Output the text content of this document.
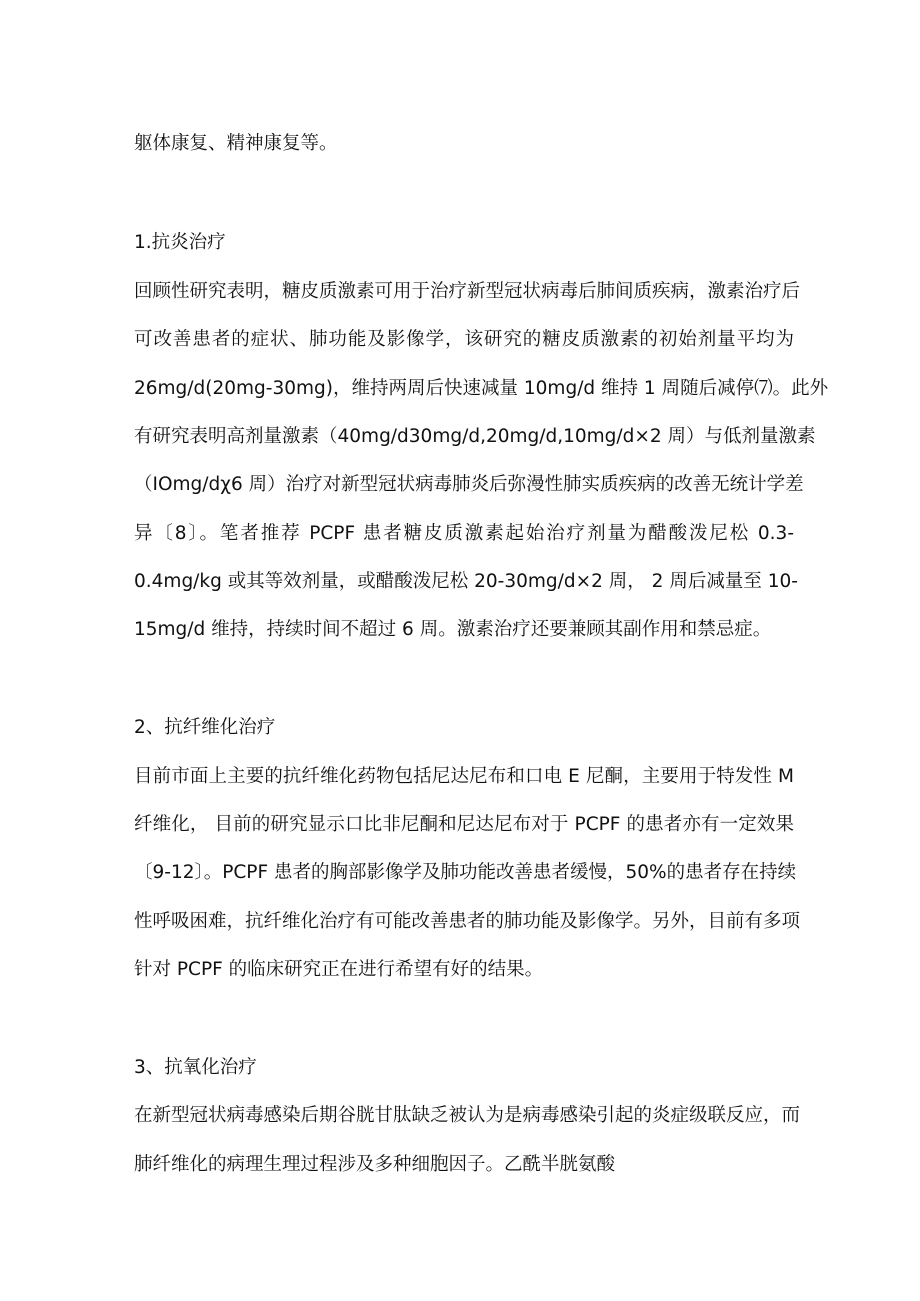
躯体康复、精神康复等。
1.抗炎治疗
回顾性研究表明，糖皮质激素可用于治疗新型冠状病毒后肺间质疾病，激素治疗后
可改善患者的症状、肺功能及影像学，该研究的糖皮质激素的初始剂量平均为
26mg∕d(20mg-30mg)，维持两周后快速减量 10mg∕d 维持 1 周随后减停⑺。此外
有研究表明高剂量激素（40mg∕d30mg∕d,20mg∕d,10mg∕d×2 周）与低剂量激素
（IOmg∕dχ6 周）治疗对新型冠状病毒肺炎后弥漫性肺实质疾病的改善无统计学差
异〔8〕。笔者推荐 PCPF 患者糖皮质激素起始治疗剂量为醋酸泼尼松 0.3-
0.4mg∕kg 或其等效剂量，或醋酸泼尼松 20-30mg∕d×2 周， 2 周后减量至 10-
15mg∕d 维持，持续时间不超过 6 周。激素治疗还要兼顾其副作用和禁忌症。
2、抗纤维化治疗
目前市面上主要的抗纤维化药物包括尼达尼布和口电 E 尼酮，主要用于特发性 M
纤维化， 目前的研究显示口比非尼酮和尼达尼布对于 PCPF 的患者亦有一定效果
〔9-12〕。PCPF 患者的胸部影像学及肺功能改善患者缓慢，50%的患者存在持续
性呼吸困难，抗纤维化治疗有可能改善患者的肺功能及影像学。另外，目前有多项
针对 PCPF 的临床研究正在进行希望有好的结果。
3、抗氧化治疗
在新型冠状病毒感染后期谷胱甘肽缺乏被认为是病毒感染引起的炎症级联反应，而
肺纤维化的病理生理过程涉及多种细胞因子。乙酰半胱氨酸
